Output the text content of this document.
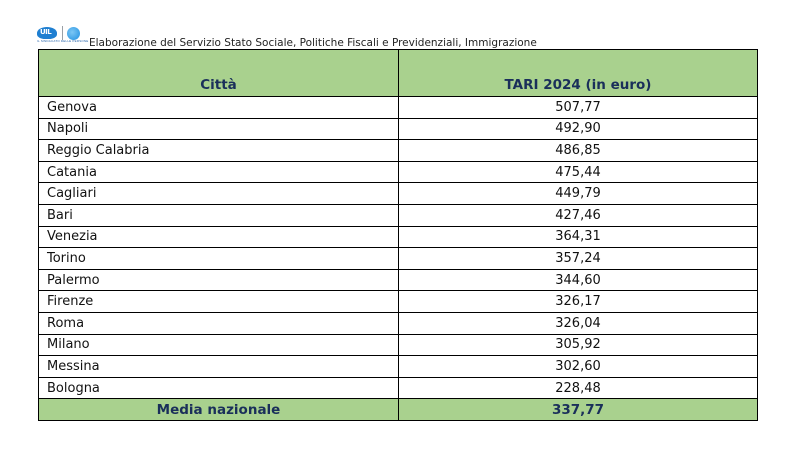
UIL
IL SINDACATO DELLE PERSONE Elaborazione del Servizio Stato Sociale, Politiche Fiscali e Previdenziali, Immigrazione
Città	TARI 2024 (in euro)
Genova	507,77
Napoli	492,90
Reggio Calabria	486,85
Catania	475,44
Cagliari	449,79
Bari	427,46
Venezia	364,31
Torino	357,24
Palermo	344,60
Firenze	326,17
Roma	326,04
Milano	305,92
Messina	302,60
Bologna	228,48
Media nazionale	337,77
